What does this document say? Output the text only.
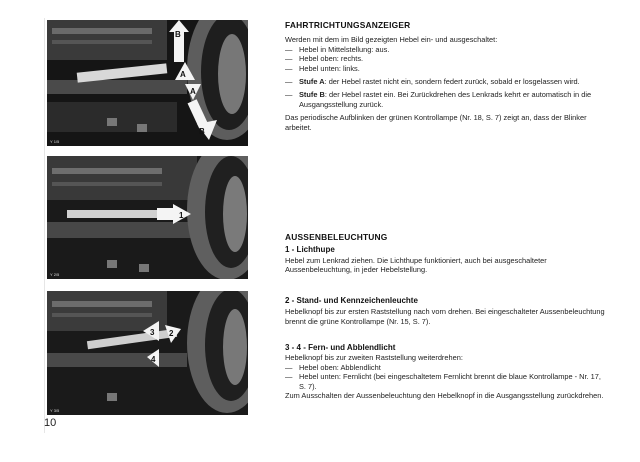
B
A
A
B
Y 1/5
1
Y 2/5
3 2
4
Y 3/5
FAHRTRICHTUNGSANZEIGER

Werden mit dem im Bild gezeigten Hebel ein- und ausgeschaltet:

— Hebel in Mittelstellung: aus.
— Hebel oben: rechts.
— Hebel unten: links.
— Stufe A: der Hebel rastet nicht ein, sondern federt zurück, sobald er losgelassen wird.
— Stufe B: der Hebel rastet ein. Bei Zurückdrehen des Lenkrads kehrt er automatisch in die Ausgangsstellung zurück.

Das periodische Aufblinken der grünen Kontrollampe (Nr. 18, S. 7) zeigt an, dass der Blinker arbeitet.

AUSSENBELEUCHTUNG
1 - Lichthupe

Hebel zum Lenkrad ziehen. Die Lichthupe funktioniert, auch bei ausgeschalteter Aussenbeleuchtung, in jeder Hebelstellung.

2 - Stand- und Kennzeichenleuchte

Hebelknopf bis zur ersten Raststellung nach vorn drehen. Bei eingeschalteter Aussenbeleuchtung brennt die grüne Kontrollampe (Nr. 15, S. 7).

3 - 4 - Fern- und Abblendlicht

Hebelknopf bis zur zweiten Raststellung weiterdrehen:

— Hebel oben: Abblendlicht
— Hebel unten: Fernlicht (bei eingeschaltetem Fernlicht brennt die blaue Kontrollampe - Nr. 17, S. 7).

Zum Ausschalten der Aussenbeleuchtung den Hebelknopf in die Ausgangsstellung zurückdrehen.

10
